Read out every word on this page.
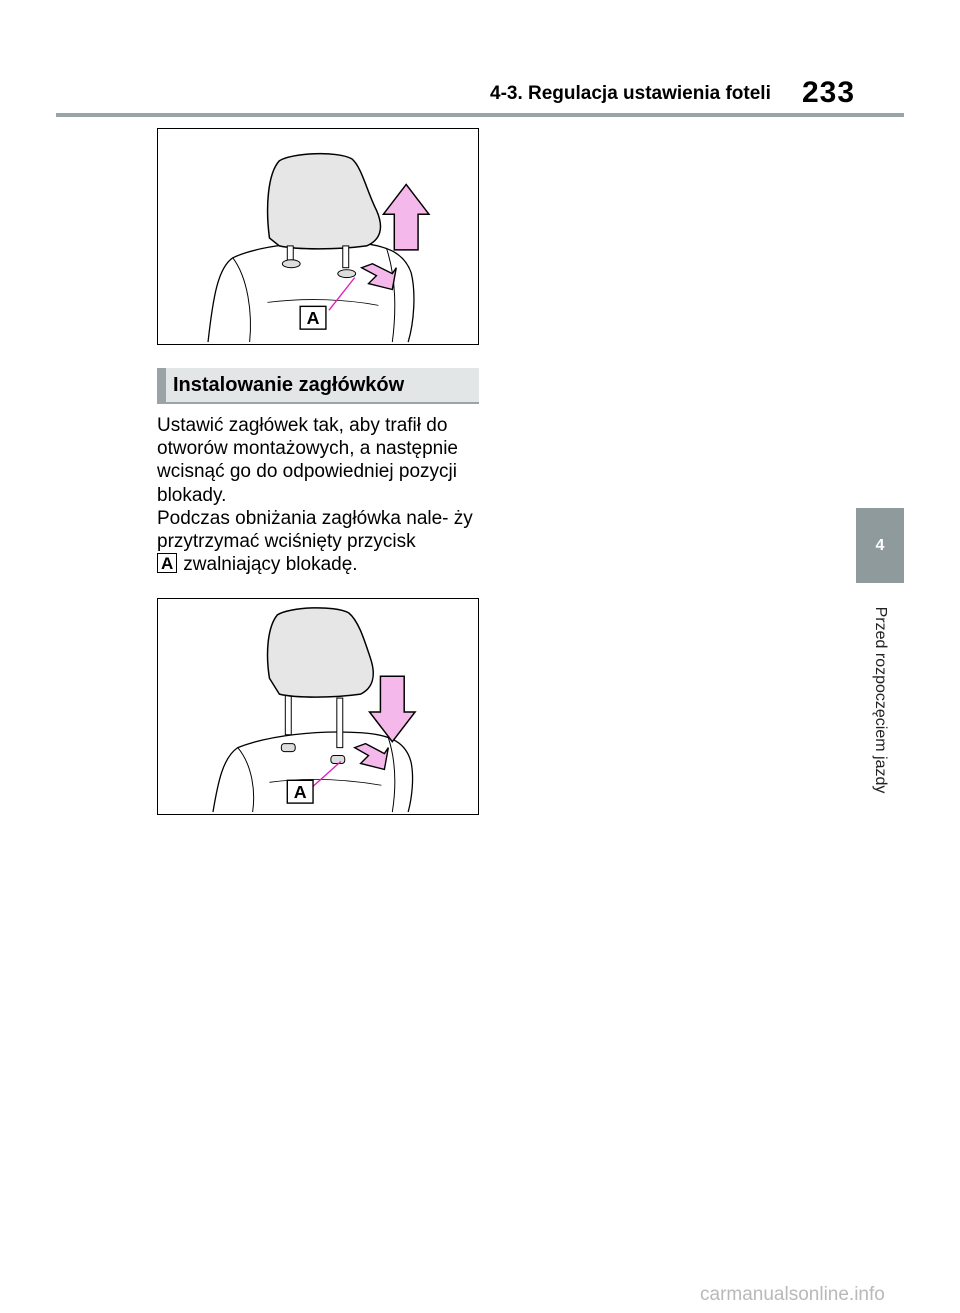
4-3. Regulacja ustawienia foteli 233
A
Instalowanie zagłówków

Ustawić zagłówek tak, aby trafił do otworów montażowych, a następnie wcisnąć go do odpowiedniej pozycji blokady.

Podczas obniżania zagłówka nale- ży przytrzymać wciśnięty przycisk
A zwalniający blokadę.

A
4
Przed rozpoczęciem jazdy
carmanualsonline.info
